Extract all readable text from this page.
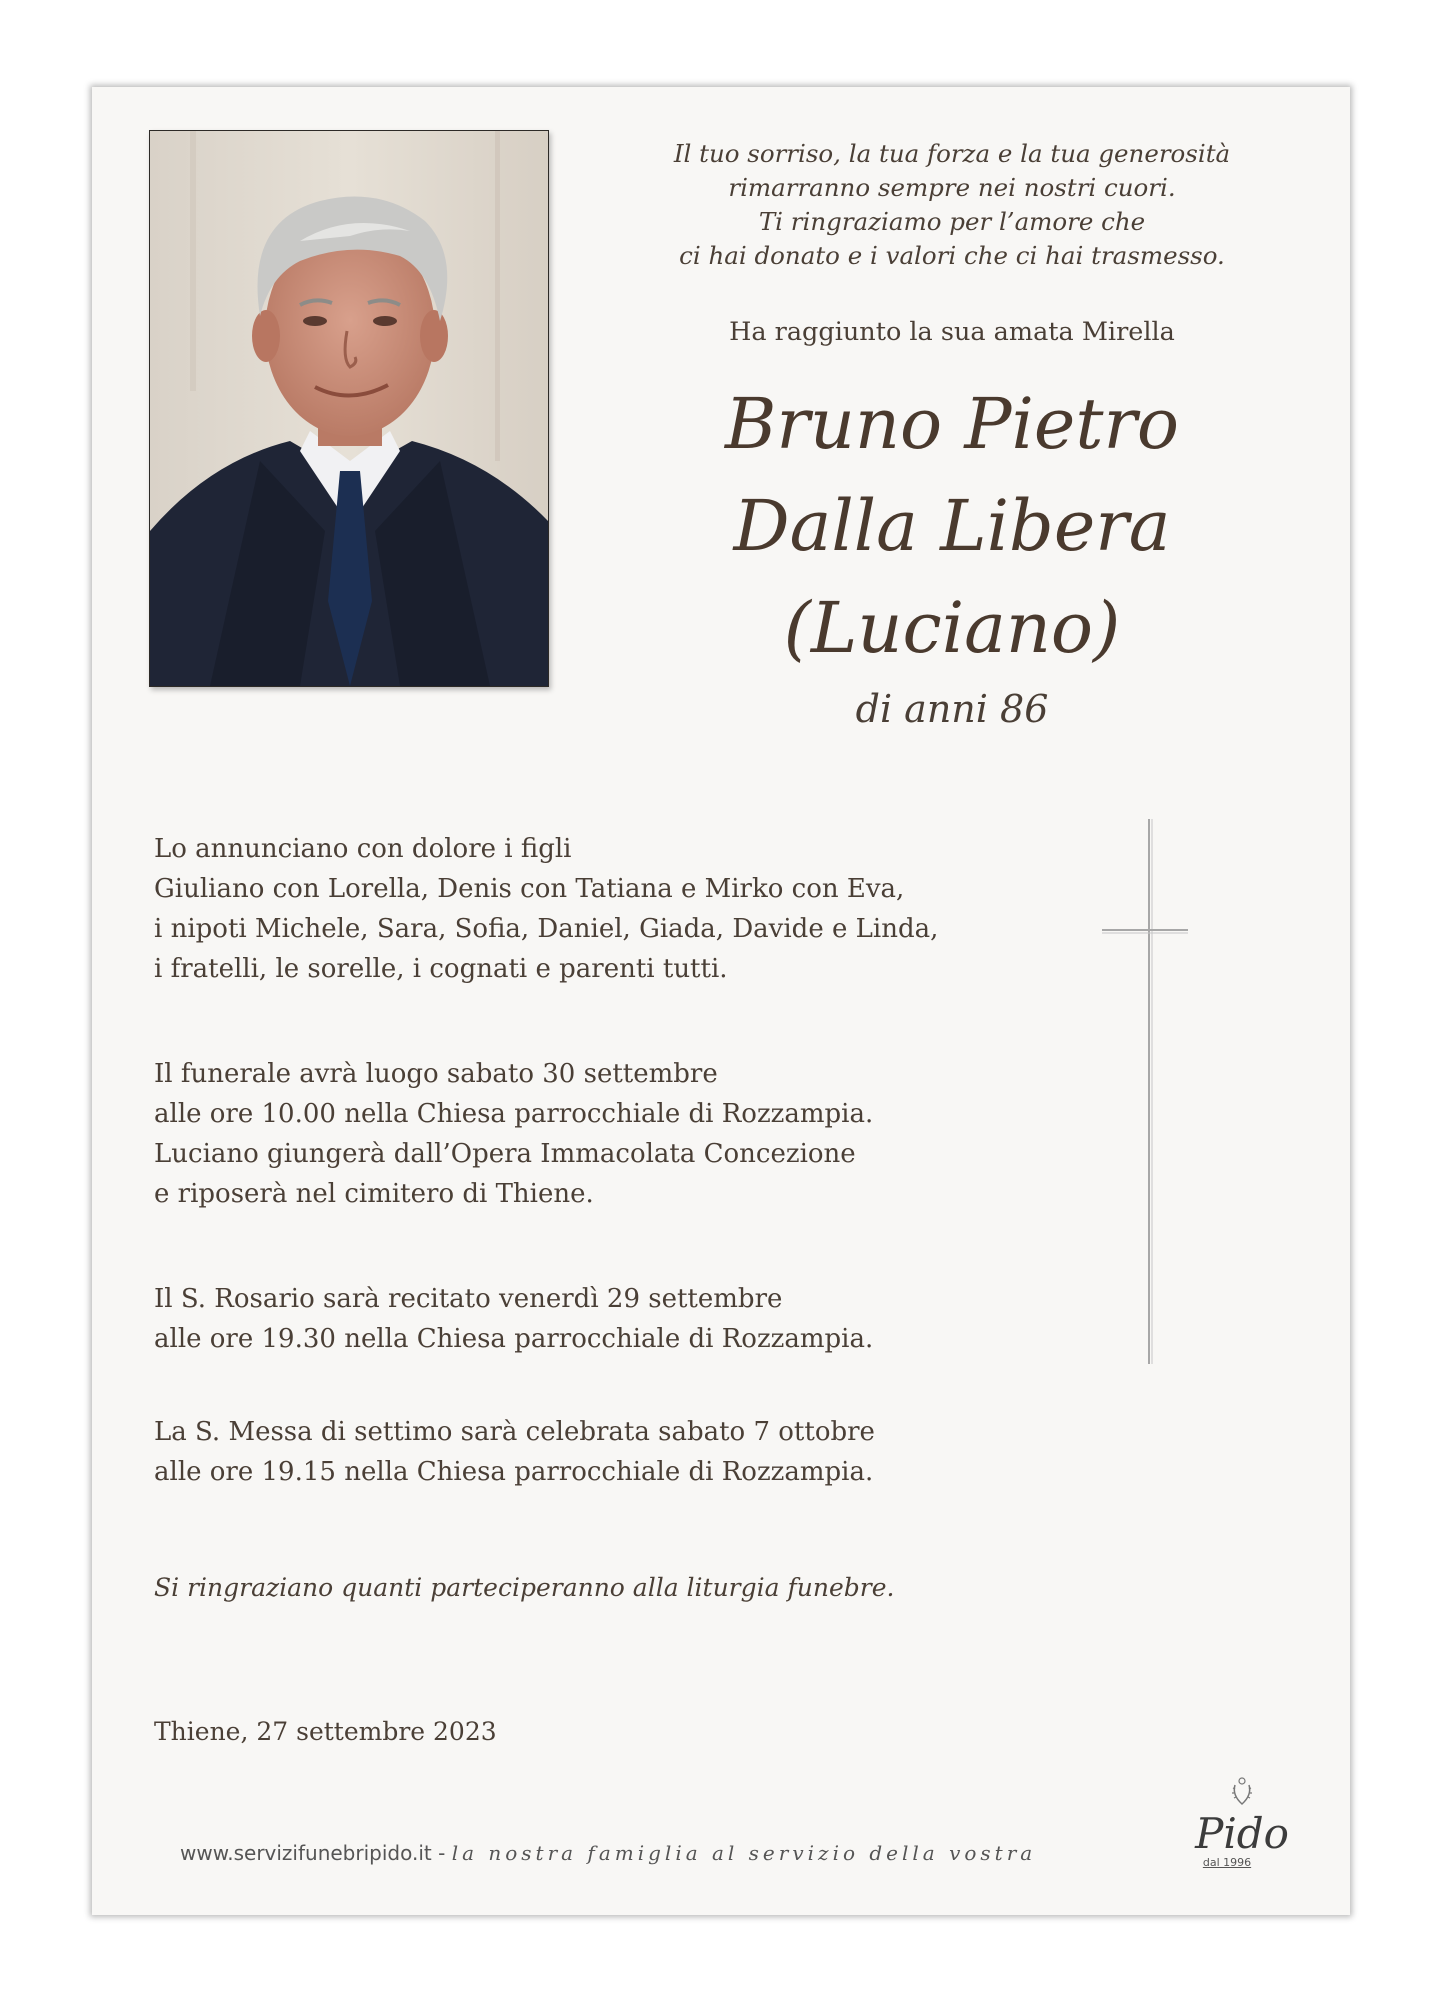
Il tuo sorriso, la tua forza e la tua generosità
rimarranno sempre nei nostri cuori.
Ti ringraziamo per l’amore che
ci hai donato e i valori che ci hai trasmesso.
Ha raggiunto la sua amata Mirella
Bruno Pietro
Dalla Libera
(Luciano)
di anni 86
Lo annunciano con dolore i figli
Giuliano con Lorella, Denis con Tatiana e Mirko con Eva,
i nipoti Michele, Sara, Sofia, Daniel, Giada, Davide e Linda,
i fratelli, le sorelle, i cognati e parenti tutti.
Il funerale avrà luogo sabato 30 settembre
alle ore 10.00 nella Chiesa parrocchiale di Rozzampia.
Luciano giungerà dall’Opera Immacolata Concezione
e riposerà nel cimitero di Thiene.
Il S. Rosario sarà recitato venerdì 29 settembre
alle ore 19.30 nella Chiesa parrocchiale di Rozzampia.
La S. Messa di settimo sarà celebrata sabato 7 ottobre
alle ore 19.15 nella Chiesa parrocchiale di Rozzampia.
Si ringraziano quanti parteciperanno alla liturgia funebre.
Thiene, 27 settembre 2023
www.servizifunebripido.it - la nostra famiglia al servizio della vostra	Pido
dal 1996
